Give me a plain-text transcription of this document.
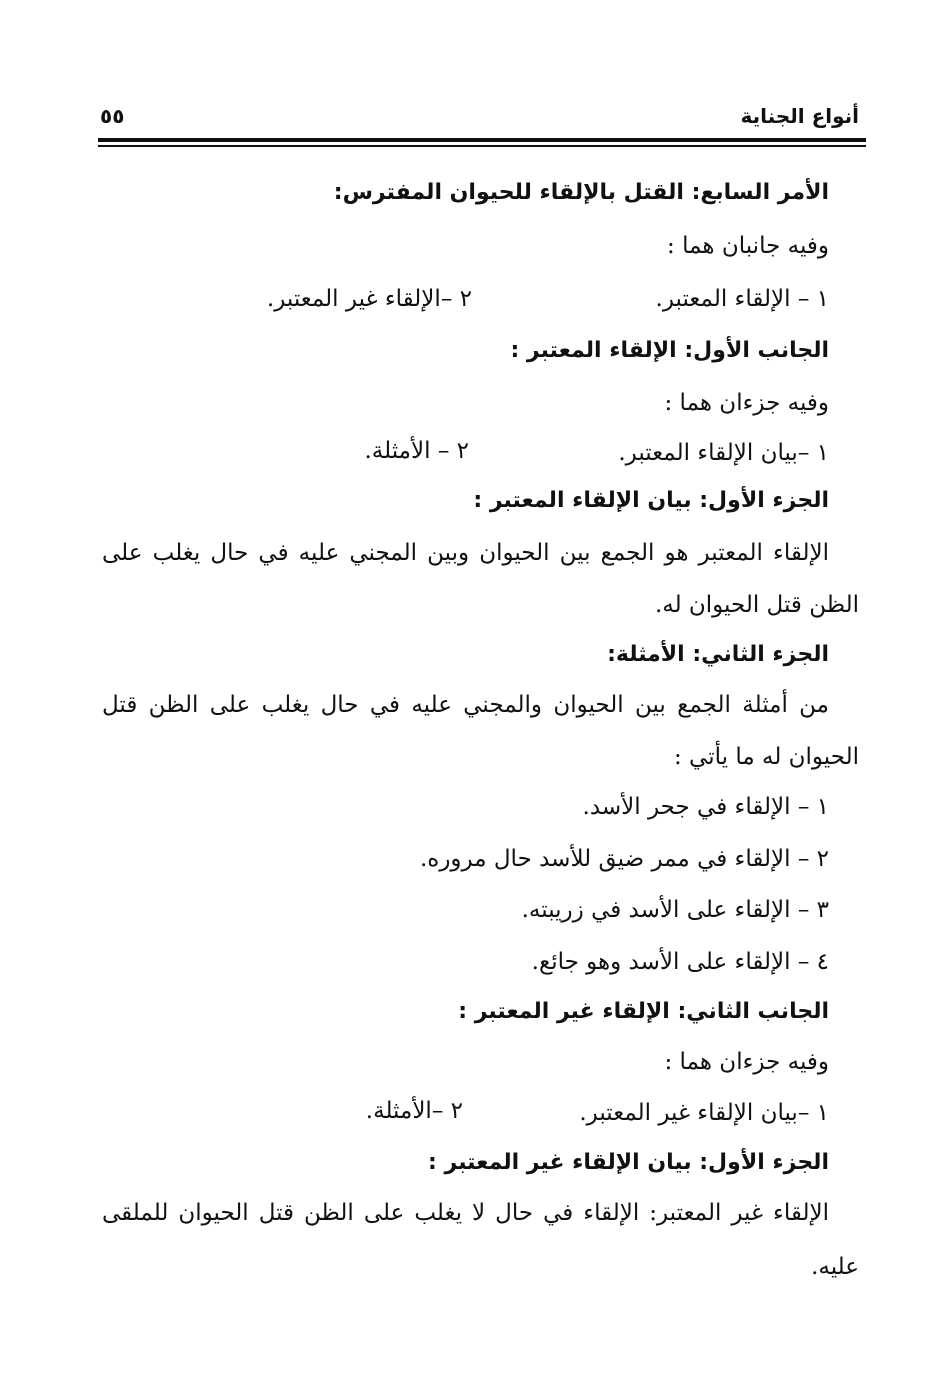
أنواع الجناية
٥٥
الأمر السابع: القتل بالإلقاء للحيوان المفترس:
وفيه جانبان هما :
١ – الإلقاء المعتبر.
٢ –الإلقاء غير المعتبر.
الجانب الأول: الإلقاء المعتبر :
وفيه جزءان هما :
١ –بيان الإلقاء المعتبر.
٢ – الأمثلة.
الجزء الأول: بيان الإلقاء المعتبر :
الإلقاء المعتبر هو الجمع بين الحيوان وبين المجني عليه في حال يغلب على
الظن قتل الحيوان له.
الجزء الثاني: الأمثلة:
من أمثلة الجمع بين الحيوان والمجني عليه في حال يغلب على الظن قتل
الحيوان له ما يأتي :
١ – الإلقاء في جحر الأسد.
٢ – الإلقاء في ممر ضيق للأسد حال مروره.
٣ – الإلقاء على الأسد في زريبته.
٤ – الإلقاء على الأسد وهو جائع.
الجانب الثاني: الإلقاء غير المعتبر :
وفيه جزءان هما :
١ –بيان الإلقاء غير المعتبر.
٢ –الأمثلة.
الجزء الأول: بيان الإلقاء غير المعتبر :
الإلقاء غير المعتبر: الإلقاء في حال لا يغلب على الظن قتل الحيوان للملقى
عليه.
